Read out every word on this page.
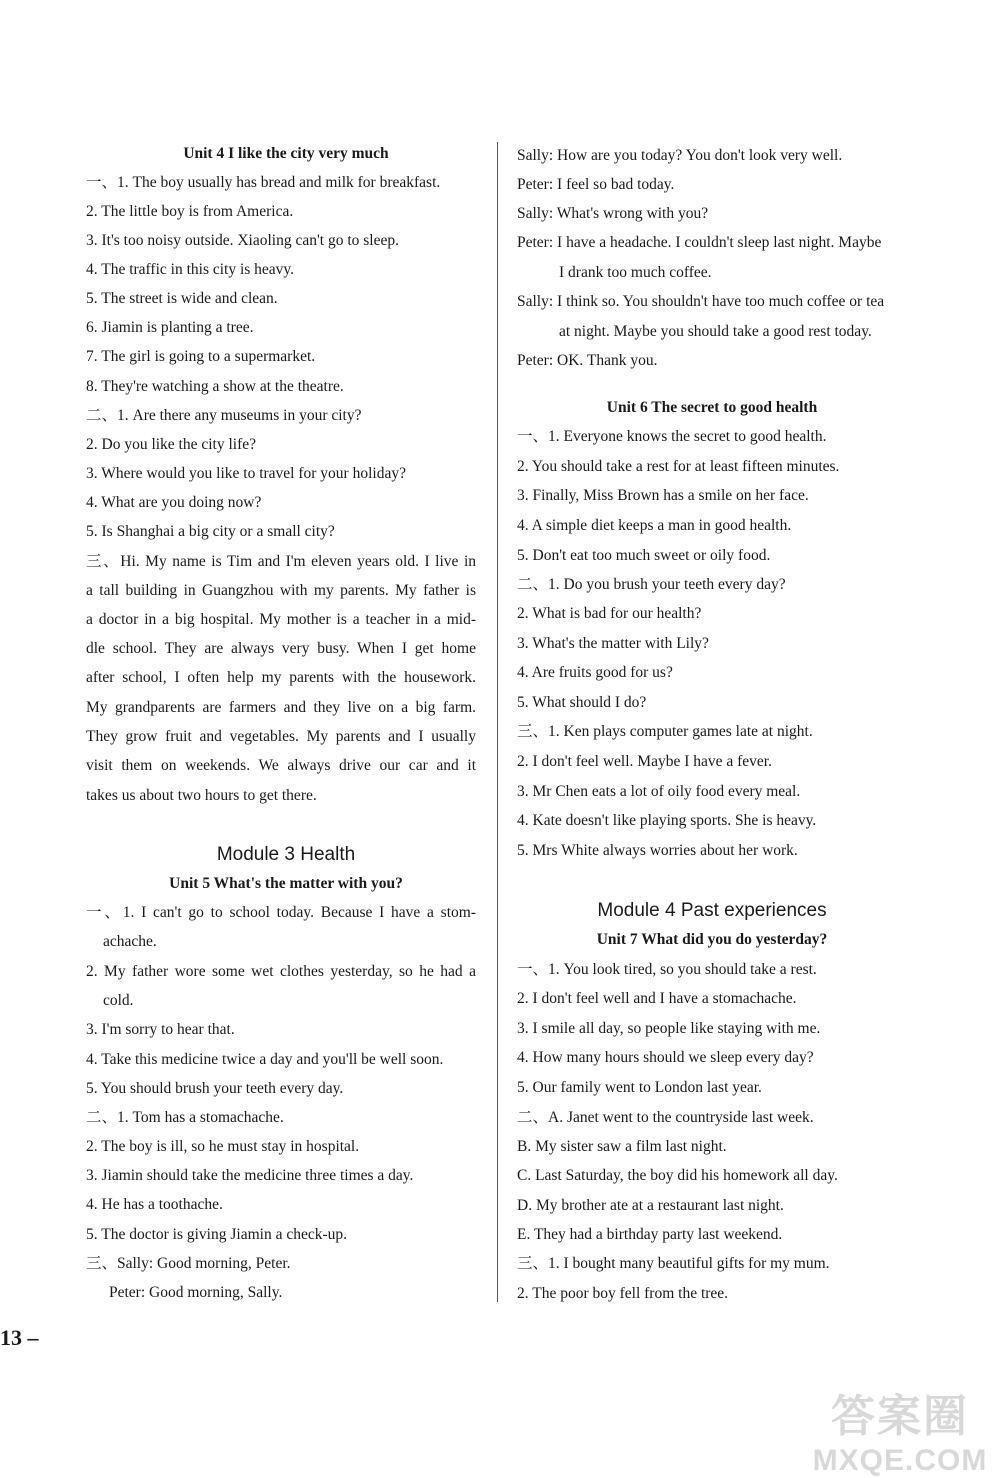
Unit 4 I like the city very much
一、1. The boy usually has bread and milk for breakfast.
2. The little boy is from America.
3. It's too noisy outside. Xiaoling can't go to sleep.
4. The traffic in this city is heavy.
5. The street is wide and clean.
6. Jiamin is planting a tree.
7. The girl is going to a supermarket.
8. They're watching a show at the theatre.
二、1. Are there any museums in your city?
2. Do you like the city life?
3. Where would you like to travel for your holiday?
4. What are you doing now?
5. Is Shanghai a big city or a small city?
三、Hi. My name is Tim and I'm eleven years old. I live in
a tall building in Guangzhou with my parents. My father is
a doctor in a big hospital. My mother is a teacher in a mid-
dle school. They are always very busy. When I get home
after school, I often help my parents with the housework.
My grandparents are farmers and they live on a big farm.
They grow fruit and vegetables. My parents and I usually
visit them on weekends. We always drive our car and it
takes us about two hours to get there.
Module 3 Health
Unit 5 What's the matter with you?
一、1. I can't go to school today. Because I have a stom-
achache.
2. My father wore some wet clothes yesterday, so he had a
cold.
3. I'm sorry to hear that.
4. Take this medicine twice a day and you'll be well soon.
5. You should brush your teeth every day.
二、1. Tom has a stomachache.
2. The boy is ill, so he must stay in hospital.
3. Jiamin should take the medicine three times a day.
4. He has a toothache.
5. The doctor is giving Jiamin a check-up.
三、Sally: Good morning, Peter.
Peter: Good morning, Sally.
Sally: How are you today? You don't look very well.
Peter: I feel so bad today.
Sally: What's wrong with you?
Peter: I have a headache. I couldn't sleep last night. Maybe
I drank too much coffee.
Sally: I think so. You shouldn't have too much coffee or tea
at night. Maybe you should take a good rest today.
Peter: OK. Thank you.
Unit 6 The secret to good health
一、1. Everyone knows the secret to good health.
2. You should take a rest for at least fifteen minutes.
3. Finally, Miss Brown has a smile on her face.
4. A simple diet keeps a man in good health.
5. Don't eat too much sweet or oily food.
二、1. Do you brush your teeth every day?
2. What is bad for our health?
3. What's the matter with Lily?
4. Are fruits good for us?
5. What should I do?
三、1. Ken plays computer games late at night.
2. I don't feel well. Maybe I have a fever.
3. Mr Chen eats a lot of oily food every meal.
4. Kate doesn't like playing sports. She is heavy.
5. Mrs White always worries about her work.
Module 4 Past experiences
Unit 7 What did you do yesterday?
一、1. You look tired, so you should take a rest.
2. I don't feel well and I have a stomachache.
3. I smile all day, so people like staying with me.
4. How many hours should we sleep every day?
5. Our family went to London last year.
二、A. Janet went to the countryside last week.
B. My sister saw a film last night.
C. Last Saturday, the boy did his homework all day.
D. My brother ate at a restaurant last night.
E. They had a birthday party last weekend.
三、1. I bought many beautiful gifts for my mum.
2. The poor boy fell from the tree.
13 –
答案圈
MXQE.COM
